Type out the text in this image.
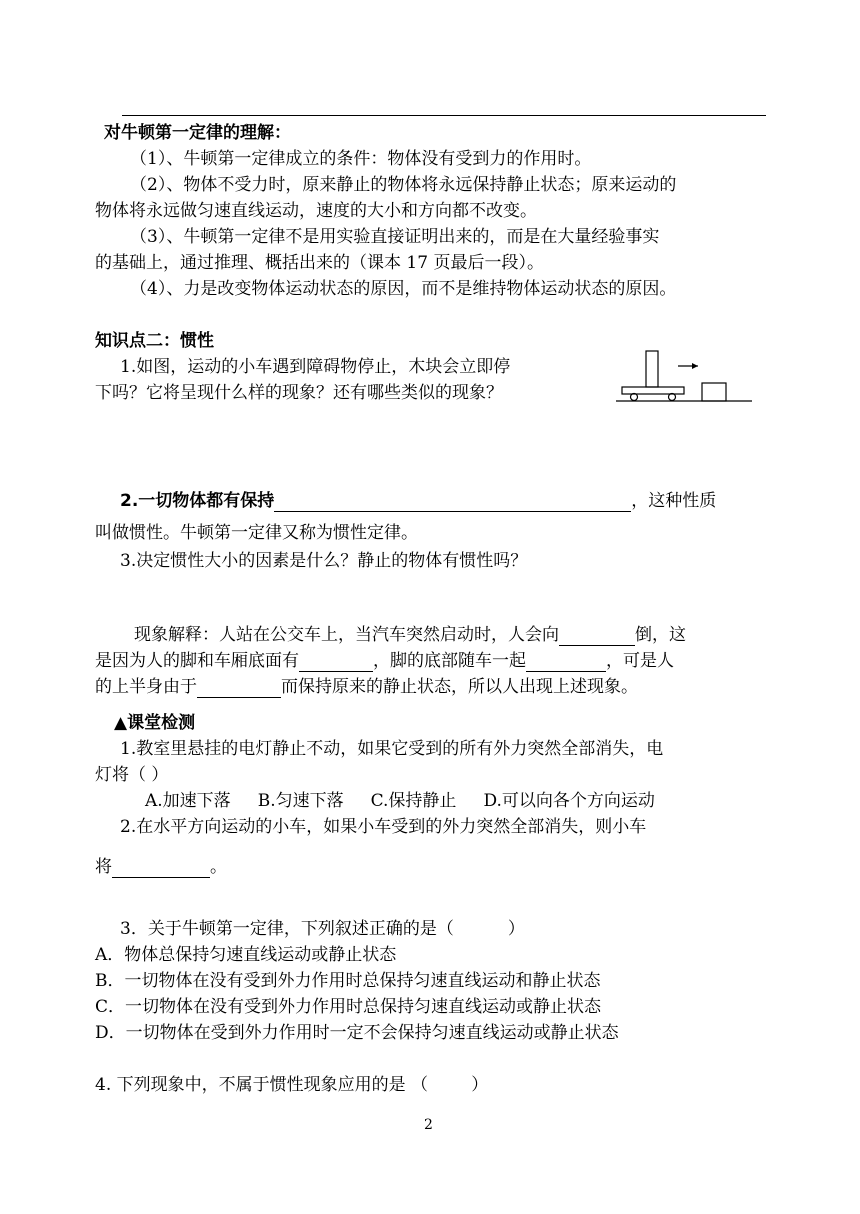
对牛顿第一定律的理解：
（1）、牛顿第一定律成立的条件：物体没有受到力的作用时。
（2）、物体不受力时，原来静止的物体将永远保持静止状态；原来运动的
物体将永远做匀速直线运动，速度的大小和方向都不改变。
（3）、牛顿第一定律不是用实验直接证明出来的，而是在大量经验事实
的基础上，通过推理、概括出来的（课本 17 页最后一段）。
（4）、力是改变物体运动状态的原因，而不是维持物体运动状态的原因。
知识点二：惯性
1.如图，运动的小车遇到障碍物停止，木块会立即停
下吗？它将呈现什么样的现象？还有哪些类似的现象？
2.一切物体都有保持	，这种性质
叫做惯性。牛顿第一定律又称为惯性定律。
3.决定惯性大小的因素是什么？静止的物体有惯性吗？
现象解释：人站在公交车上，当汽车突然启动时，人会向	倒，这
是因为人的脚和车厢底面有	，脚的底部随车一起	，可是人
的上半身由于	而保持原来的静止状态，所以人出现上述现象。
▲课堂检测
1.教室里悬挂的电灯静止不动，如果它受到的所有外力突然全部消失，电
灯将（ ）
A.加速下落     B.匀速下落     C.保持静止     D.可以向各个方向运动
2.在水平方向运动的小车，如果小车受到的外力突然全部消失，则小车
将	。
3．关于牛顿第一定律，下列叙述正确的是（          ）
A．物体总保持匀速直线运动或静止状态
B．一切物体在没有受到外力作用时总保持匀速直线运动和静止状态
C．一切物体在没有受到外力作用时总保持匀速直线运动或静止状态
D．一切物体在受到外力作用时一定不会保持匀速直线运动或静止状态
4. 下列现象中，不属于惯性现象应用的是 （        ）
2
